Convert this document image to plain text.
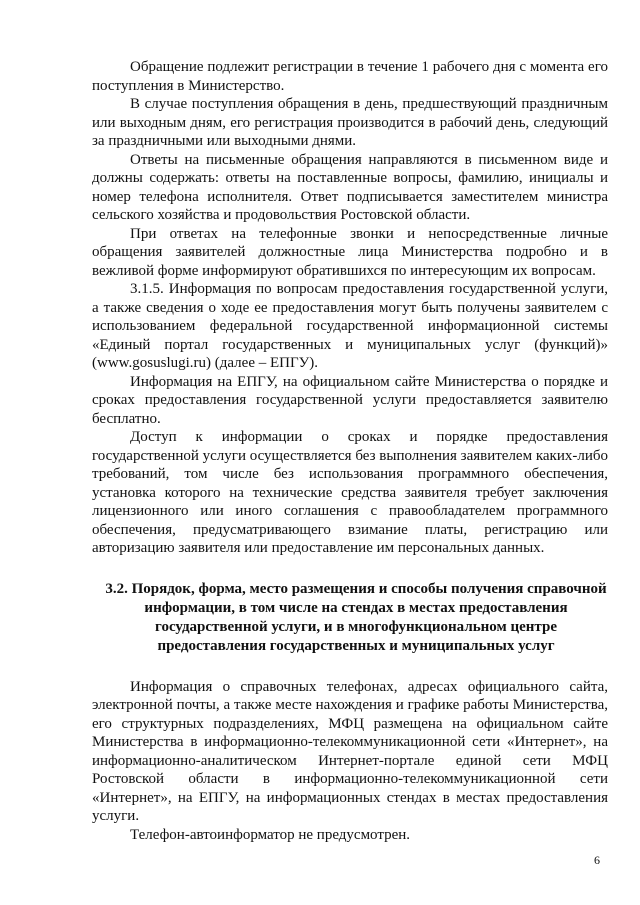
Обращение подлежит регистрации в течение 1 рабочего дня с момента его поступления в Министерство.

В случае поступления обращения в день, предшествующий праздничным или выходным дням, его регистрация производится в рабочий день, следующий за праздничными или выходными днями.

Ответы на письменные обращения направляются в письменном виде и должны содержать: ответы на поставленные вопросы, фамилию, инициалы и номер телефона исполнителя. Ответ подписывается заместителем министра сельского хозяйства и продовольствия Ростовской области.

При ответах на телефонные звонки и непосредственные личные обращения заявителей должностные лица Министерства подробно и в вежливой форме информируют обратившихся по интересующим их вопросам.

3.1.5. Информация по вопросам предоставления государственной услуги, а также сведения о ходе ее предоставления могут быть получены заявителем с использованием федеральной государственной информационной системы «Единый портал государственных и муниципальных услуг (функций)» (www.gosuslugi.ru) (далее – ЕПГУ).

Информация на ЕПГУ, на официальном сайте Министерства о порядке и сроках предоставления государственной услуги предоставляется заявителю бесплатно.

Доступ к информации о сроках и порядке предоставления государственной услуги осуществляется без выполнения заявителем каких-либо требований, том числе без использования программного обеспечения, установка которого на технические средства заявителя требует заключения лицензионного или иного соглашения с правообладателем программного обеспечения, предусматривающего взимание платы, регистрацию или авторизацию заявителя или предоставление им персональных данных.

3.2. Порядок, форма, место размещения и способы получения справочной информации, в том числе на стендах в местах предоставления государственной услуги, и в многофункциональном центре предоставления государственных и муниципальных услуг

Информация о справочных телефонах, адресах официального сайта, электронной почты, а также месте нахождения и графике работы Министерства, его структурных подразделениях, МФЦ размещена на официальном сайте Министерства в информационно-телекоммуникационной сети «Интернет», на информационно-аналитическом Интернет-портале единой сети МФЦ Ростовской области в информационно-телекоммуникационной сети «Интернет», на ЕПГУ, на информационных стендах в местах предоставления услуги.

Телефон-автоинформатор не предусмотрен.

6
